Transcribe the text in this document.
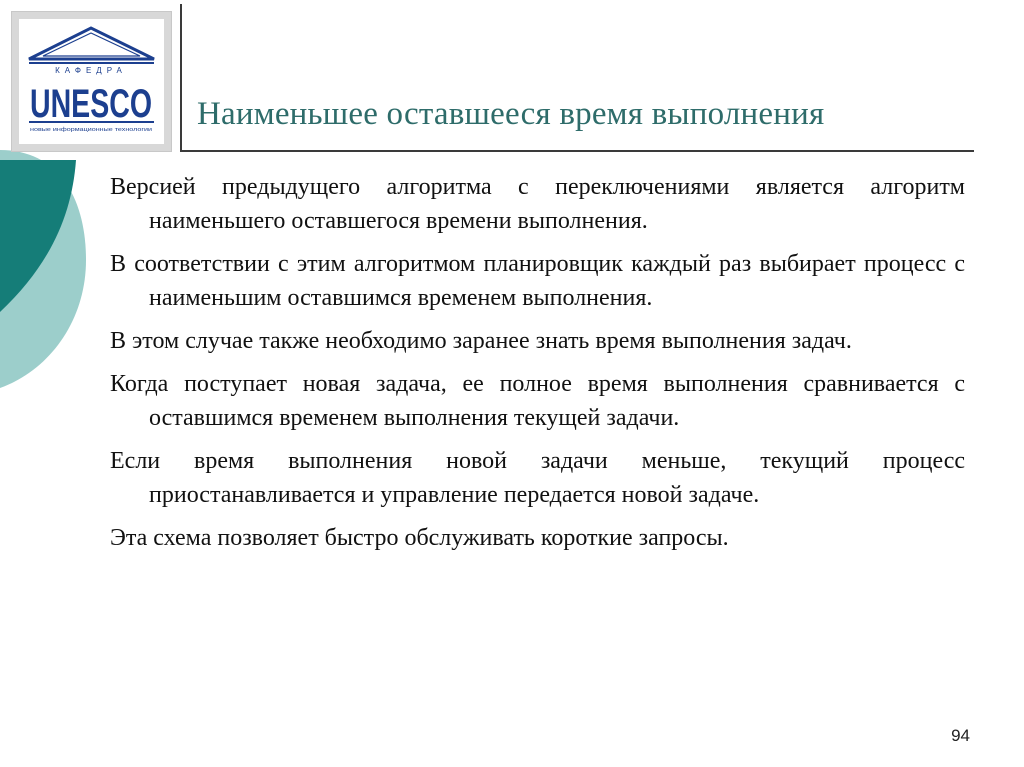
КАФЕДРА
UNESCO
новые информационные технологии Наименьшее оставшееся время выполнения

Версией предыдущего алгоритма с переключениями является алгоритм наименьшего оставшегося времени выполнения.

В соответствии с этим алгоритмом планировщик каждый раз выбирает процесс с наименьшим оставшимся временем выполнения.

В этом случае также необходимо заранее знать время выполнения задач.

Когда поступает новая задача, ее полное время выполнения сравнивается с оставшимся временем выполнения текущей задачи.

Если время выполнения новой задачи меньше, текущий процесс приостанавливается и управление передается новой задаче.

Эта схема позволяет быстро обслуживать короткие запросы.

94
